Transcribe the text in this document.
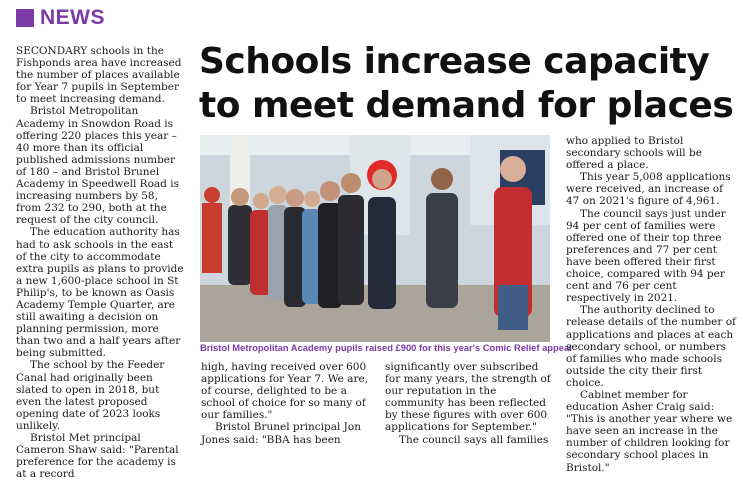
NEWS
Schools increase capacity
to meet demand for places

SECONDARY schools in the Fishponds area have increased the number of places available for Year 7 pupils in September to meet increasing demand.

Bristol Metropolitan Academy in Snowdon Road is offering 220 places this year – 40 more than its official published admissions number of 180 – and Bristol Brunel Academy in Speedwell Road is increasing numbers by 58, from 232 to 290, both at the request of the city council.

The education authority has had to ask schools in the east of the city to accommodate extra pupils as plans to provide a new 1,600-place school in St Philip's, to be known as Oasis Academy Temple Quarter, are still awaiting a decision on planning permission, more than two and a half years after being submitted.

The school by the Feeder Canal had originally been slated to open in 2018, but even the latest proposed opening date of 2023 looks unlikely.

Bristol Met principal Cameron Shaw said: "Parental preference for the academy is at a record

Bristol Metropolitan Academy pupils raised £900 for this year's Comic Relief appeal

high, having received over 600 applications for Year 7. We are, of course, delighted to be a school of choice for so many of our families."

Bristol Brunel principal Jon Jones said: "BBA has been

significantly over subscribed for many years, the strength of our reputation in the community has been reflected by these figures with over 600 applications for September."

The council says all families

who applied to Bristol secondary schools will be offered a place.

This year 5,008 applications were received, an increase of 47 on 2021's figure of 4,961.

The council says just under 94 per cent of families were offered one of their top three preferences and 77 per cent have been offered their first choice, compared with 94 per cent and 76 per cent respectively in 2021.

The authority declined to release details of the number of applications and places at each secondary school, or numbers of families who made schools outside the city their first choice.

Cabinet member for education Asher Craig said: "This is another year where we have seen an increase in the number of children looking for secondary school places in Bristol."
